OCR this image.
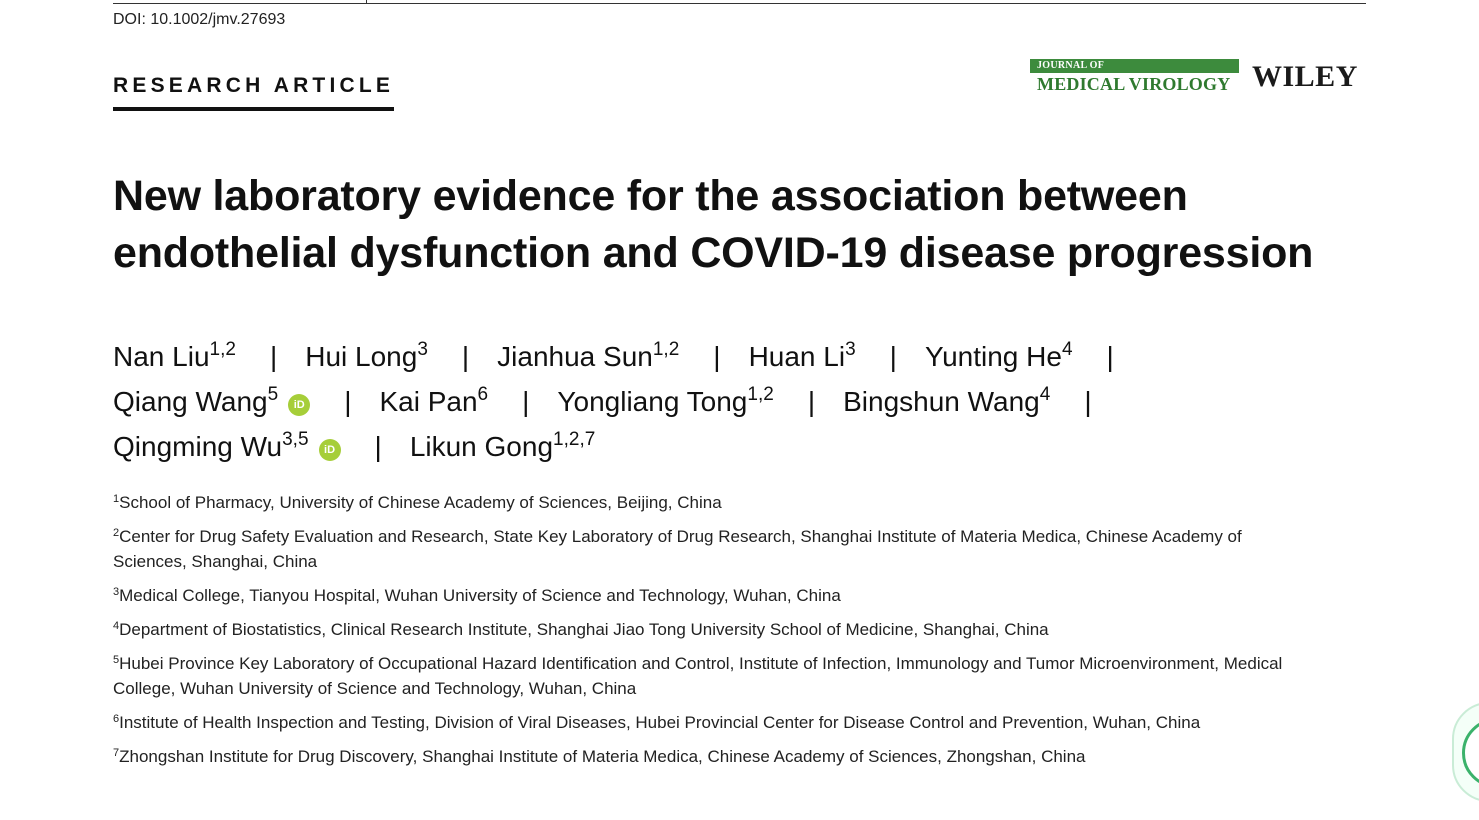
DOI: 10.1002/jmv.27693
RESEARCH ARTICLE
JOURNAL OF
MEDICAL VIROLOGY WILEY
New laboratory evidence for the association between
endothelial dysfunction and COVID-19 disease progression
Nan Liu$^{1,2}$ | Hui Long$^3$ | Jianhua Sun$^{1,2}$ | Huan Li$^3$ | Yunting He$^4$ |
Qiang Wang$^5$ iD | Kai Pan$^6$ | Yongliang Tong$^{1,2}$ | Bingshun Wang$^4$ |
Qingming Wu$^{3,5}$ iD | Likun Gong$^{1,2,7}$

$^1$School of Pharmacy, University of Chinese Academy of Sciences, Beijing, China

$^2$Center for Drug Safety Evaluation and Research, State Key Laboratory of Drug Research, Shanghai Institute of Materia Medica, Chinese Academy of Sciences, Shanghai, China

$^3$Medical College, Tianyou Hospital, Wuhan University of Science and Technology, Wuhan, China

$^4$Department of Biostatistics, Clinical Research Institute, Shanghai Jiao Tong University School of Medicine, Shanghai, China

$^5$Hubei Province Key Laboratory of Occupational Hazard Identification and Control, Institute of Infection, Immunology and Tumor Microenvironment, Medical College, Wuhan University of Science and Technology, Wuhan, China

$^6$Institute of Health Inspection and Testing, Division of Viral Diseases, Hubei Provincial Center for Disease Control and Prevention, Wuhan, China

$^7$Zhongshan Institute for Drug Discovery, Shanghai Institute of Materia Medica, Chinese Academy of Sciences, Zhongshan, China
